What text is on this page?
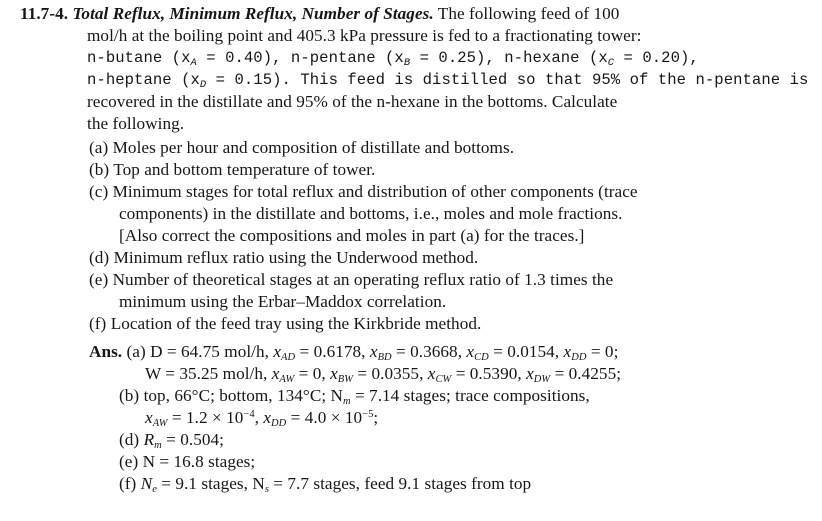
11.7-4. Total Reflux, Minimum Reflux, Number of Stages. The following feed of 100
mol/h at the boiling point and 405.3 kPa pressure is fed to a fractionating tower:
n-butane $(x_A = 0.40)$, n-pentane $(x_B = 0.25)$, n-hexane $(x_C = 0.20)$,
n-heptane $(x_D = 0.15)$. This feed is distilled so that 95% of the n-pentane is
recovered in the distillate and 95% of the n-hexane in the bottoms. Calculate
the following.
(a) Moles per hour and composition of distillate and bottoms.
(b) Top and bottom temperature of tower.
(c) Minimum stages for total reflux and distribution of other components (trace
components) in the distillate and bottoms, i.e., moles and mole fractions.
[Also correct the compositions and moles in part (a) for the traces.]
(d) Minimum reflux ratio using the Underwood method.
(e) Number of theoretical stages at an operating reflux ratio of 1.3 times the
minimum using the Erbar–Maddox correlation.
(f) Location of the feed tray using the Kirkbride method.
Ans. (a) D = 64.75 mol/h, $x_{AD} = 0.6178$, $x_{BD} = 0.3668$, $x_{CD} = 0.0154$, $x_{DD} = 0$;
W = 35.25 mol/h, $x_{AW} = 0$, $x_{BW} = 0.0355$, $x_{CW} = 0.5390$, $x_{DW} = 0.4255$;
(b) top, 66°C; bottom, 134°C; $N_m = 7.14$ stages; trace compositions,
$x_{AW} = 1.2 \times 10^{-4}$, $x_{DD} = 4.0 \times 10^{-5}$;
(d) $R_m = 0.504$;
(e) N = 16.8 stages;
(f) $N_e = 9.1$ stages, $N_s = 7.7$ stages, feed 9.1 stages from top
